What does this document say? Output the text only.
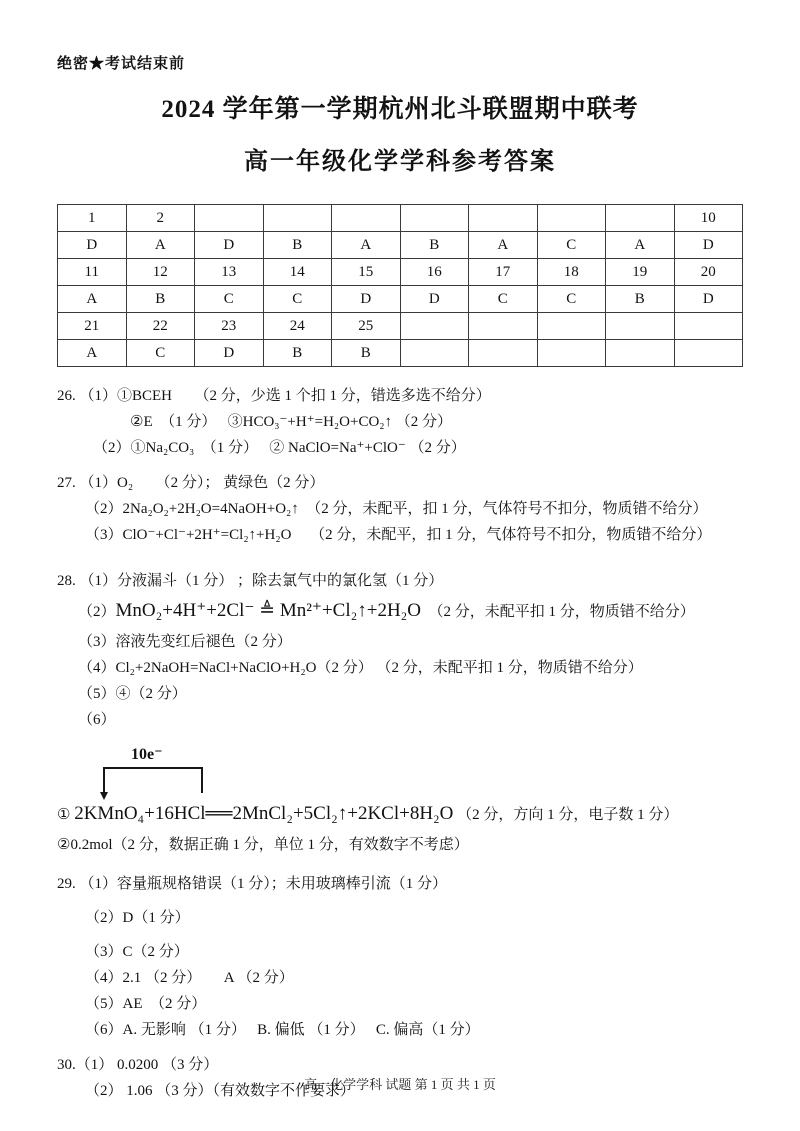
绝密★考试结束前
2024 学年第一学期杭州北斗联盟期中联考
高一年级化学学科参考答案
1	2								10
D	A	D	B	A	B	A	C	A	D
11	12	13	14	15	16	17	18	19	20
A	B	C	C	D	D	C	C	B	D
21	22	23	24	25					
A	C	D	B	B					
26. （1）①BCEH　　（2 分，少选 1 个扣 1 分，错选多选不给分）
②E　（1 分）　 ③HCO₃⁻+H⁺=H₂O+CO₂↑ （2 分）
（2）①Na₂CO₃　（1 分）　 ② NaClO=Na⁺+ClO⁻ （2 分）
27. （1）O₂　　（2 分）； 黄绿色（2 分）
（2）2Na₂O₂+2H₂O=4NaOH+O₂↑　（2 分，未配平，扣 1 分，气体符号不扣分，物质错不给分）
（3）ClO⁻+Cl⁻+2H⁺=Cl₂↑+H₂O　 （2 分，未配平，扣 1 分，气体符号不扣分，物质错不给分）
28. （1）分液漏斗（1 分） ；除去氯气中的氯化氢（1 分）
（2）MnO₂+4H⁺+2Cl⁻ ≜ Mn²⁺+Cl₂↑+2H₂O　（2 分，未配平扣 1 分，物质错不给分）
（3）溶液先变红后褪色（2 分）
（4）Cl₂+2NaOH=NaCl+NaClO+H₂O（2 分） （2 分，未配平扣 1 分，物质错不给分）
（5）④（2 分）
（6）
10e⁻
① 2KMnO₄+16HCl══2MnCl₂+5Cl₂↑+2KCl+8H₂O （2 分，方向 1 分，电子数 1 分）
②0.2mol（2 分，数据正确 1 分，单位 1 分，有效数字不考虑）
29. （1）容量瓶规格错误（1 分）；未用玻璃棒引流（1 分）
（2）D（1 分）
（3）C（2 分）
（4）2.1 （2 分）　　A （2 分）
（5）AE　（2 分）
（6）A. 无影响 （1 分）　 B. 偏低 （1 分）　 C. 偏高（1 分）
30.（1） 0.0200 （3 分）
（2） 1.06 （3 分）（有效数字不作要求）
高一化学学科 试题 第 1 页 共 1 页
